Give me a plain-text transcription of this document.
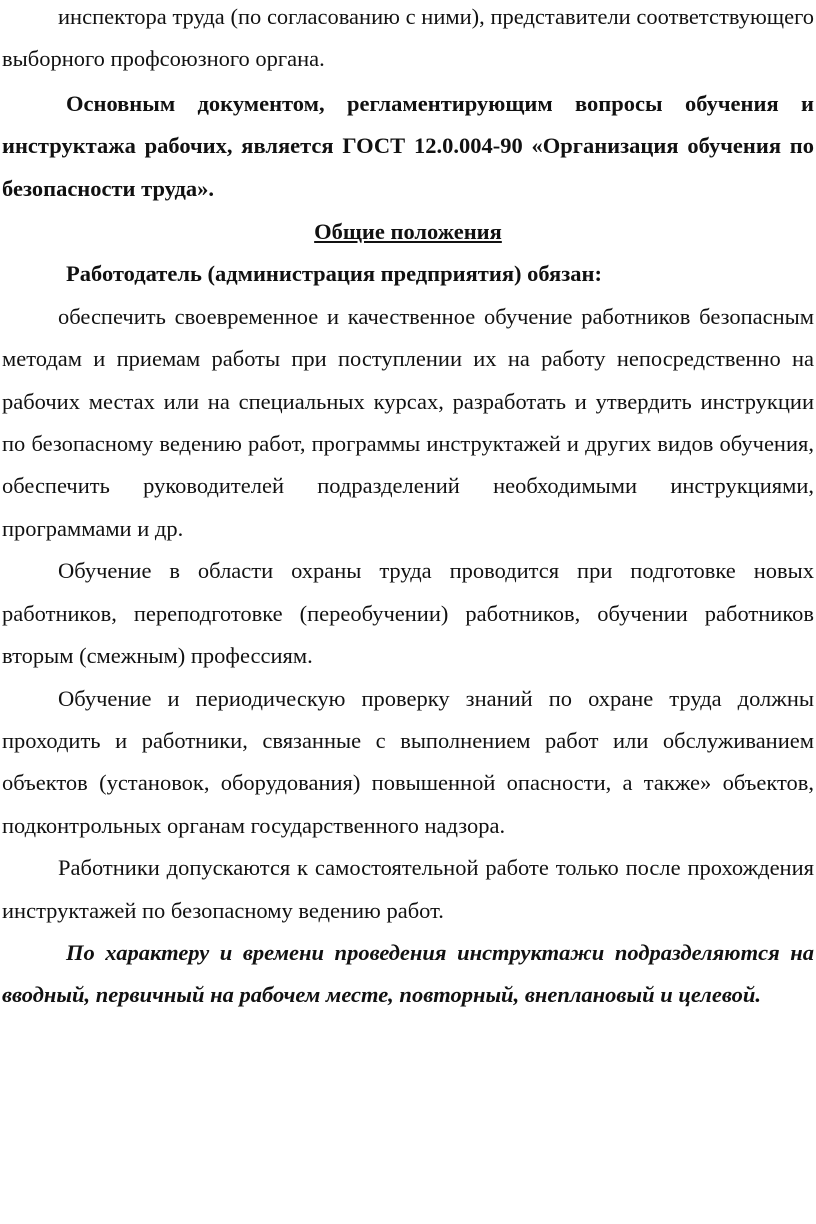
инспектора труда (по согласованию с ними), представители соответствующего выборного профсоюзного органа.

Основным документом, регламентирующим вопросы обучения и инструктажа рабочих, является ГОСТ 12.0.004-90 «Организация обучения по безопасности труда».

Общие положения

Работодатель (администрация предприятия) обязан:

обеспечить своевременное и качественное обучение работников безопасным методам и приемам работы при поступлении их на работу непосредственно на рабочих местах или на специальных курсах, разработать и утвердить инструкции по безопасному ведению работ, программы инструктажей и других видов обучения, обеспечить руководителей подразделений необходимыми инструкциями, программами и др.

Обучение в области охраны труда проводится при подготовке новых работников, переподготовке (переобучении) работников, обучении работников вторым (смежным) профессиям.

Обучение и периодическую проверку знаний по охране труда должны проходить и работники, связанные с выполнением работ или обслуживанием объектов (установок, оборудования) повышенной опасности, а также» объектов, подконтрольных органам государственного надзора.

Работники допускаются к самостоятельной работе только после прохождения инструктажей по безопасному ведению работ.

По характеру и времени проведения инструктажи подразделяются на вводный, первичный на рабочем месте, повторный, внеплановый и целевой.
